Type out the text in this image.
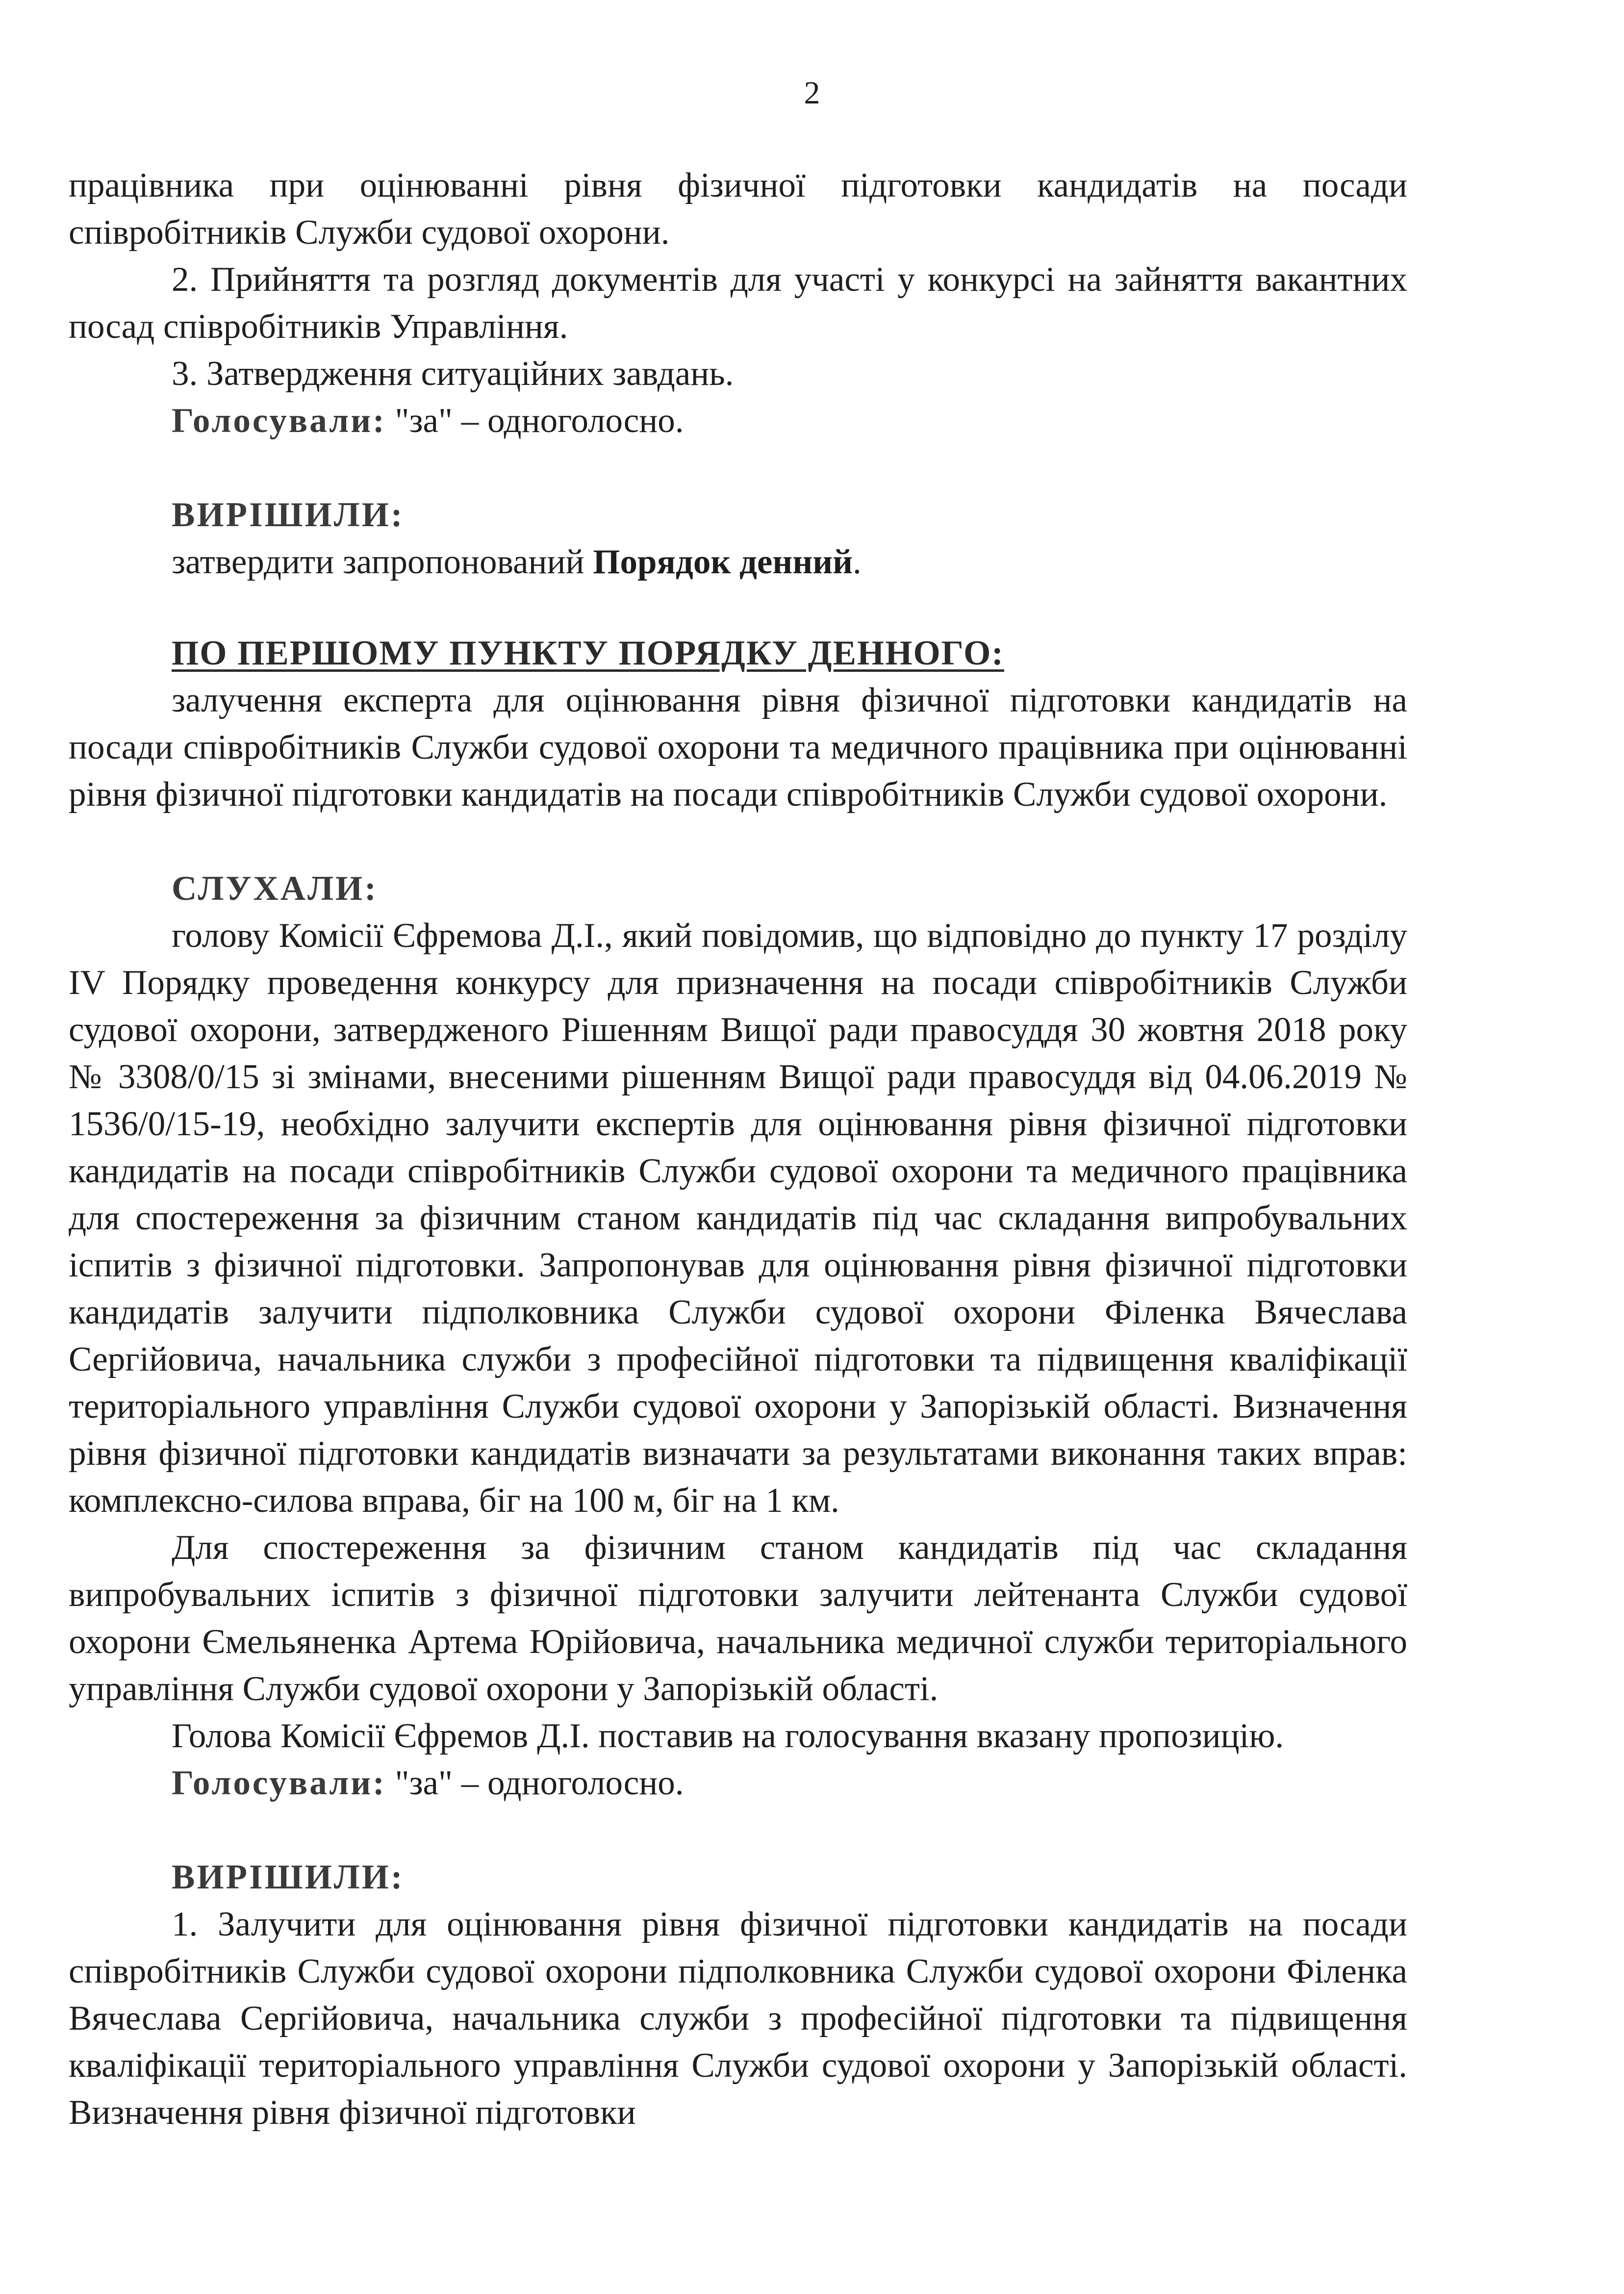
2

працівника при оцінюванні рівня фізичної підготовки кандидатів на посади співробітників Служби судової охорони.

2. Прийняття та розгляд документів для участі у конкурсі на зайняття вакантних посад співробітників Управління.

3. Затвердження ситуаційних завдань.

Голосували: "за" – одноголосно.

ВИРІШИЛИ:

затвердити запропонований Порядок денний.

ПО ПЕРШОМУ ПУНКТУ ПОРЯДКУ ДЕННОГО:

залучення експерта для оцінювання рівня фізичної підготовки кандидатів на посади співробітників Служби судової охорони та медичного працівника при оцінюванні рівня фізичної підготовки кандидатів на посади співробітників Служби судової охорони.

СЛУХАЛИ:

голову Комісії Єфремова Д.І., який повідомив, що відповідно до пункту 17 розділу IV Порядку проведення конкурсу для призначення на посади співробітників Служби судової охорони, затвердженого Рішенням Вищої ради правосуддя 30 жовтня 2018 року № 3308/0/15 зі змінами, внесеними рішенням Вищої ради правосуддя від 04.06.2019 № 1536/0/15-19, необхідно залучити експертів для оцінювання рівня фізичної підготовки кандидатів на посади співробітників Служби судової охорони та медичного працівника для спостереження за фізичним станом кандидатів під час складання випробувальних іспитів з фізичної підготовки. Запропонував для оцінювання рівня фізичної підготовки кандидатів залучити підполковника Служби судової охорони Філенка Вячеслава Сергійовича, начальника служби з професійної підготовки та підвищення кваліфікації територіального управління Служби судової охорони у Запорізькій області. Визначення рівня фізичної підготовки кандидатів визначати за результатами виконання таких вправ: комплексно-силова вправа, біг на 100 м, біг на 1 км.

Для спостереження за фізичним станом кандидатів під час складання випробувальних іспитів з фізичної підготовки залучити лейтенанта Служби судової охорони Ємельяненка Артема Юрійовича, начальника медичної служби територіального управління Служби судової охорони у Запорізькій області.

Голова Комісії Єфремов Д.І. поставив на голосування вказану пропозицію.

Голосували: "за" – одноголосно.

ВИРІШИЛИ:

1. Залучити для оцінювання рівня фізичної підготовки кандидатів на посади співробітників Служби судової охорони підполковника Служби судової охорони Філенка Вячеслава Сергійовича, начальника служби з професійної підготовки та підвищення кваліфікації територіального управління Служби судової охорони у Запорізькій області. Визначення рівня фізичної підготовки
